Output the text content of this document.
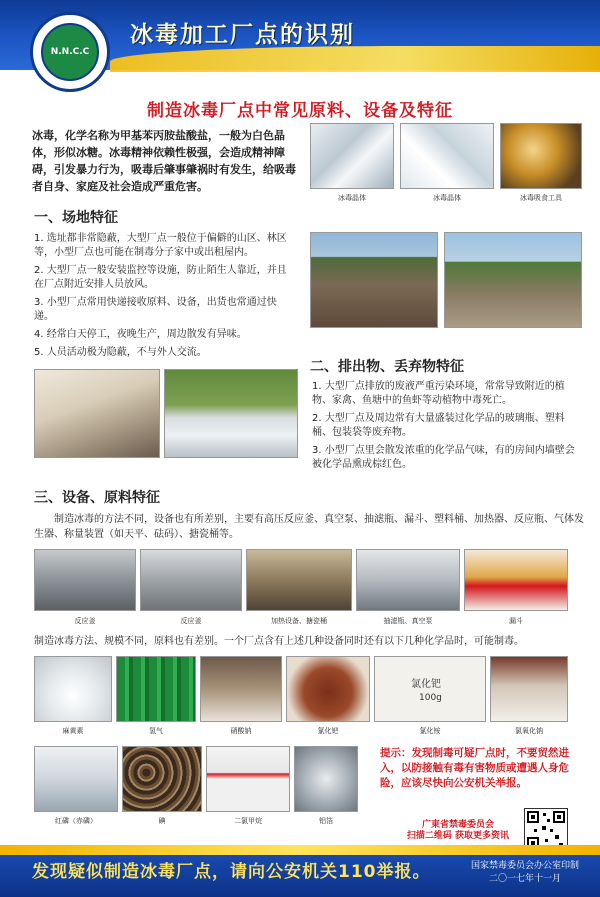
N.N.C.C
冰毒加工厂点的识别
制造冰毒厂点中常见原料、设备及特征
冰毒，化学名称为甲基苯丙胺盐酸盐，一般为白色晶体，形似冰糖。冰毒精神依赖性极强，会造成精神障碍，引发暴力行为，吸毒后肇事肇祸时有发生，给吸毒者自身、家庭及社会造成严重危害。
冰毒晶体	冰毒晶体	冰毒吸食工具
一、场地特征
1. 选址都非常隐蔽，大型厂点一般位于偏僻的山区、林区等，小型厂点也可能在制毒分子家中或出租屋内。
2. 大型厂点一般安装监控等设施，防止陌生人靠近，并且在厂点附近安排人员放风。
3. 小型厂点常用快递接收原料、设备，出货也常通过快递。
4. 经常白天停工，夜晚生产，周边散发有异味。
5. 人员活动极为隐蔽，不与外人交流。
二、排出物、丢弃物特征
1. 大型厂点排放的废液严重污染环境，常常导致附近的植物、家禽、鱼塘中的鱼虾等动植物中毒死亡。
2. 大型厂点及周边常有大量盛装过化学品的玻璃瓶、塑料桶、包装袋等废弃物。
3. 小型厂点里会散发浓重的化学品气味，有的房间内墙壁会被化学品熏成棕红色。
三、设备、原料特征
制造冰毒的方法不同，设备也有所差别，主要有高压反应釜、真空泵、抽滤瓶、漏斗、塑料桶、加热器、反应瓶、气体发生器、称量装置（如天平、砝码）、搪瓷桶等。
反应釜	反应釜	加热设备、搪瓷桶	抽滤瓶、真空泵	漏斗
制造冰毒方法、规模不同，原料也有差别。一个厂点含有上述几种设备同时还有以下几种化学品时，可能制毒。
氯化钯
100g
麻黄素	氢气	硝酸钠	氯化钯	氯化铵	氯氧化钠
红磷（赤磷）	碘	二氯甲烷	铝箔
提示：发现制毒可疑厂点时，不要贸然进入，以防接触有毒有害物质或遭遇人身危险，应该尽快向公安机关举报。
广東省禁毒委员会
扫描二维码 获取更多资讯
发现疑似制造冰毒厂点，请向公安机关110举报。	国家禁毒委员会办公室印制
二〇一七年十一月
